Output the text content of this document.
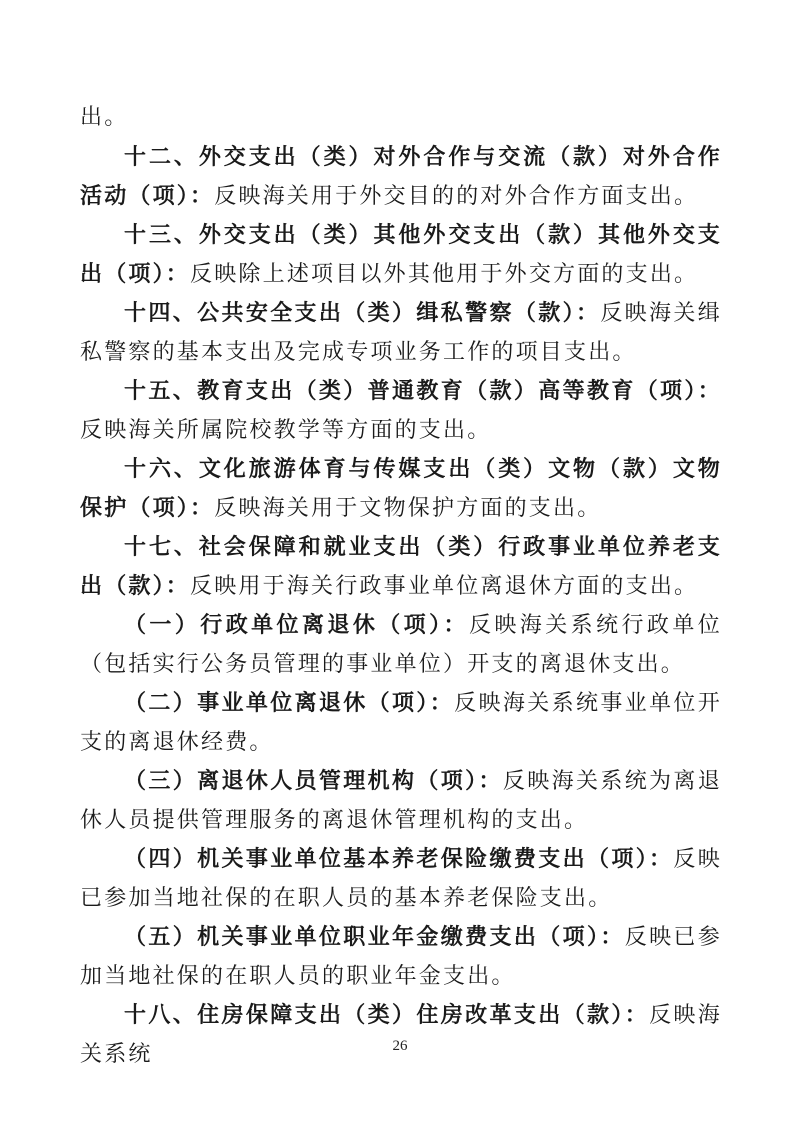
出。

十二、外交支出（类）对外合作与交流（款）对外合作活动（项）：反映海关用于外交目的的对外合作方面支出。

十三、外交支出（类）其他外交支出（款）其他外交支出（项）：反映除上述项目以外其他用于外交方面的支出。

十四、公共安全支出（类）缉私警察（款）：反映海关缉私警察的基本支出及完成专项业务工作的项目支出。

十五、教育支出（类）普通教育（款）高等教育（项）：反映海关所属院校教学等方面的支出。

十六、文化旅游体育与传媒支出（类）文物（款）文物保护（项）：反映海关用于文物保护方面的支出。

十七、社会保障和就业支出（类）行政事业单位养老支出（款）：反映用于海关行政事业单位离退休方面的支出。

（一）行政单位离退休（项）：反映海关系统行政单位（包括实行公务员管理的事业单位）开支的离退休支出。

（二）事业单位离退休（项）：反映海关系统事业单位开支的离退休经费。

（三）离退休人员管理机构（项）：反映海关系统为离退休人员提供管理服务的离退休管理机构的支出。

（四）机关事业单位基本养老保险缴费支出（项）：反映已参加当地社保的在职人员的基本养老保险支出。

（五）机关事业单位职业年金缴费支出（项）：反映已参加当地社保的在职人员的职业年金支出。

十八、住房保障支出（类）住房改革支出（款）：反映海关系统	26
